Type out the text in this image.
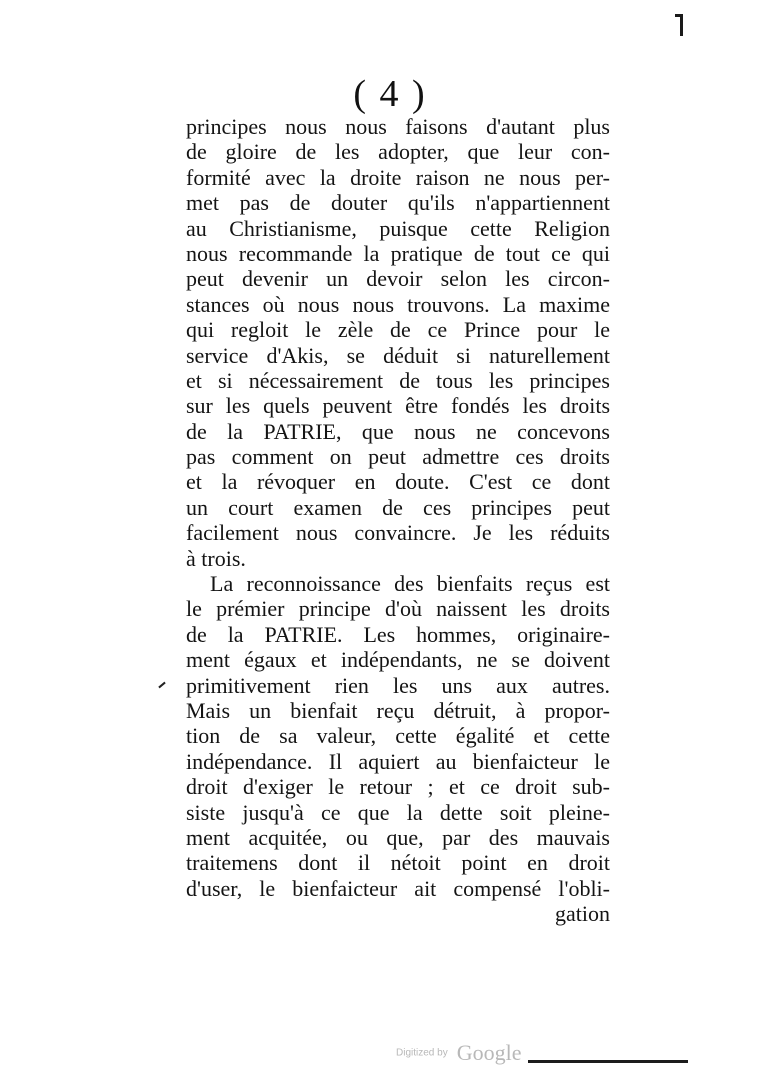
( 4 )
principes nous nous faisons d'autant plus
de gloire de les adopter, que leur con-
formité avec la droite raison ne nous per-
met pas de douter qu'ils n'appartiennent
au Christianisme, puisque cette Religion
nous recommande la pratique de tout ce qui
peut devenir un devoir selon les circon-
stances où nous nous trouvons. La maxime
qui regloit le zèle de ce Prince pour le
service d'Akis, se déduit si naturellement
et si nécessairement de tous les principes
sur les quels peuvent être fondés les droits
de la PATRIE, que nous ne concevons
pas comment on peut admettre ces droits
et la révoquer en doute. C'est ce dont
un court examen de ces principes peut
facilement nous convaincre. Je les réduits
à trois.
La reconnoissance des bienfaits reçus est
le prémier principe d'où naissent les droits
de la PATRIE. Les hommes, originaire-
ment égaux et indépendants, ne se doivent
primitivement rien les uns aux autres.
Mais un bienfait reçu détruit, à propor-
tion de sa valeur, cette égalité et cette
indépendance. Il aquiert au bienfaicteur le
droit d'exiger le retour ; et ce droit sub-
siste jusqu'à ce que la dette soit pleine-
ment acquitée, ou que, par des mauvais
traitemens dont il nétoit point en droit
d'user, le bienfaicteur ait compensé l'obli-
gation
Digitized by Google
